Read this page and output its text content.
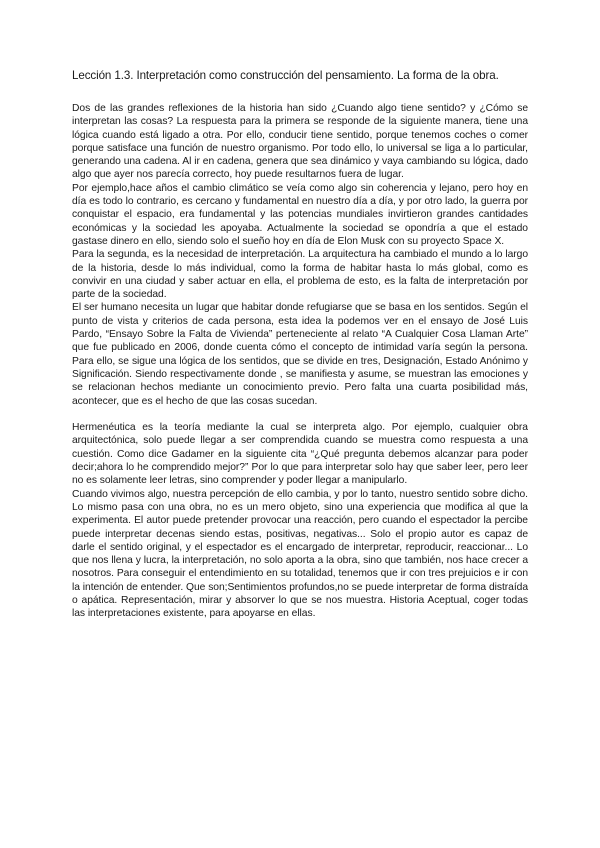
Lección 1.3. Interpretación como construcción del pensamiento. La forma de la obra.

Dos de las grandes reflexiones de la historia han sido ¿Cuando algo tiene sentido? y ¿Cómo se interpretan las cosas? La respuesta para la primera se responde de la siguiente manera, tiene una lógica cuando está ligado a otra. Por ello, conducir tiene sentido, porque tenemos coches o comer porque satisface una función de nuestro organismo. Por todo ello, lo universal se liga a lo particular, generando una cadena. Al ir en cadena, genera que sea dinámico y vaya cambiando su lógica, dado algo que ayer nos parecía correcto, hoy puede resultarnos fuera de lugar.

Por ejemplo,hace años el cambio climático se veía como algo sin coherencia y lejano, pero hoy en día es todo lo contrario, es cercano y fundamental en nuestro día a día, y por otro lado, la guerra por conquistar el espacio, era fundamental y las potencias mundiales invirtieron grandes cantidades económicas y la sociedad les apoyaba. Actualmente la sociedad se opondría a que el estado gastase dinero en ello, siendo solo el sueño hoy en día de Elon Musk con su proyecto Space X.

Para la segunda, es la necesidad de interpretación. La arquitectura ha cambiado el mundo a lo largo de la historia, desde lo más individual, como la forma de habitar hasta lo más global, como es convivir en una ciudad y saber actuar en ella, el problema de esto, es la falta de interpretación por parte de la sociedad.

El ser humano necesita un lugar que habitar donde refugiarse que se basa en los sentidos. Según el punto de vista y criterios de cada persona, esta idea la podemos ver en el ensayo de José Luis Pardo, “Ensayo Sobre la Falta de Vivienda” perteneciente al relato “A Cualquier Cosa Llaman Arte” que fue publicado en 2006, donde cuenta cómo el concepto de intimidad varía según la persona. Para ello, se sigue una lógica de los sentidos, que se divide en tres, Designación, Estado Anónimo y Significación. Siendo respectivamente donde , se manifiesta y asume, se muestran las emociones y se relacionan hechos mediante un conocimiento previo. Pero falta una cuarta posibilidad más, acontecer, que es el hecho de que las cosas sucedan.

Hermenéutica es la teoría mediante la cual se interpreta algo. Por ejemplo, cualquier obra arquitectónica, solo puede llegar a ser comprendida cuando se muestra como respuesta a una cuestión. Como dice Gadamer en la siguiente cita “¿Qué pregunta debemos alcanzar para poder decir;ahora lo he comprendido mejor?” Por lo que para interpretar solo hay que saber leer, pero leer no es solamente leer letras, sino comprender y poder llegar a manipularlo.

Cuando vivimos algo, nuestra percepción de ello cambia, y por lo tanto, nuestro sentido sobre dicho. Lo mismo pasa con una obra, no es un mero objeto, sino una experiencia que modifica al que la experimenta. El autor puede pretender provocar una reacción, pero cuando el espectador la percibe puede interpretar decenas siendo estas, positivas, negativas... Solo el propio autor es capaz de darle el sentido original, y el espectador es el encargado de interpretar, reproducir, reaccionar... Lo que nos llena y lucra, la interpretación, no solo aporta a la obra, sino que también, nos hace crecer a nosotros. Para conseguir el entendimiento en su totalidad, tenemos que ir con tres prejuicios e ir con la intención de entender. Que son;Sentimientos profundos,no se puede interpretar de forma distraída o apática. Representación, mirar y absorver lo que se nos muestra. Historia Aceptual, coger todas las interpretaciones existente, para apoyarse en ellas.
